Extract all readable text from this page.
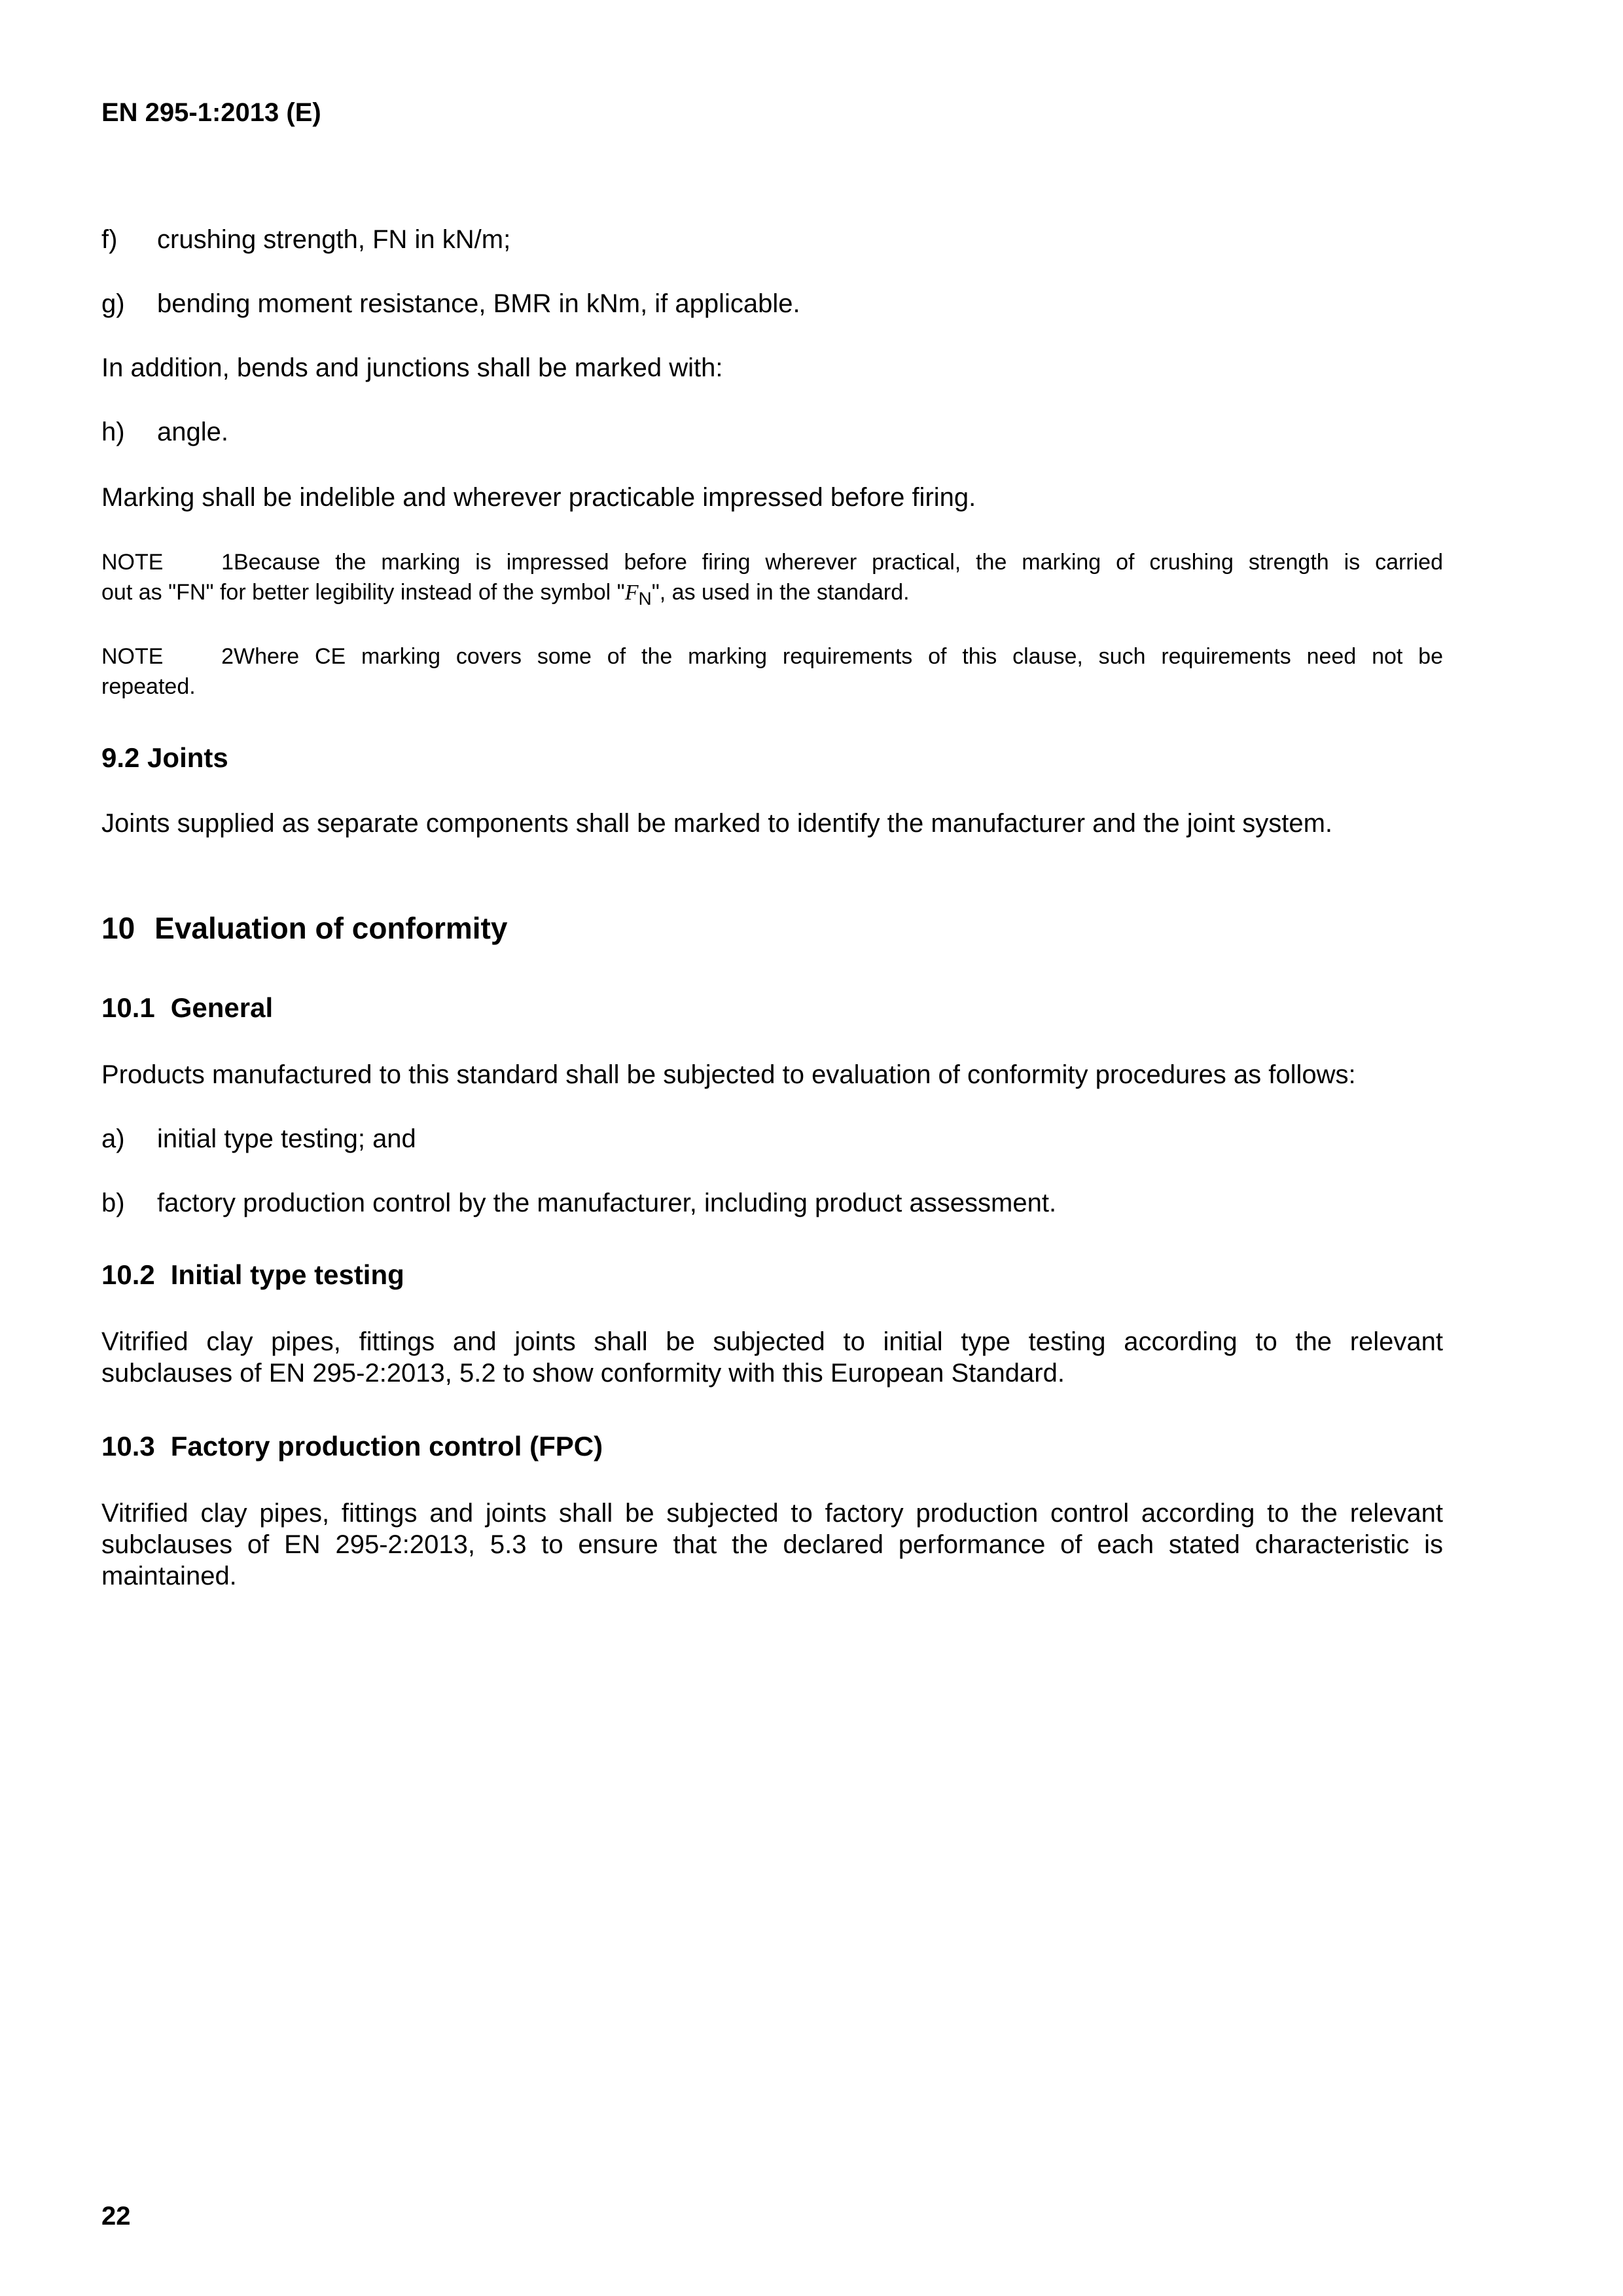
EN 295-1:2013 (E)
f) crushing strength, FN in kN/m;
g) bending moment resistance, BMR in kNm, if applicable.
In addition, bends and junctions shall be marked with:
h) angle.
Marking shall be indelible and wherever practicable impressed before firing.
NOTE 1Because the marking is impressed before firing wherever practical, the marking of crushing strength is carried
out as "FN" for better legibility instead of the symbol "$F_N$", as used in the standard.
NOTE 2Where CE marking covers some of the marking requirements of this clause, such requirements need not be
repeated.
9.2 Joints
Joints supplied as separate components shall be marked to identify the manufacturer and the joint system.
10 Evaluation of conformity
10.1 General
Products manufactured to this standard shall be subjected to evaluation of conformity procedures as follows:
a) initial type testing; and
b) factory production control by the manufacturer, including product assessment.
10.2 Initial type testing
Vitrified clay pipes, fittings and joints shall be subjected to initial type testing according to the relevant
subclauses of EN 295-2:2013, 5.2 to show conformity with this European Standard.
10.3 Factory production control (FPC)
Vitrified clay pipes, fittings and joints shall be subjected to factory production control according to the relevant
subclauses of EN 295-2:2013, 5.3 to ensure that the declared performance of each stated characteristic is
maintained.
22
